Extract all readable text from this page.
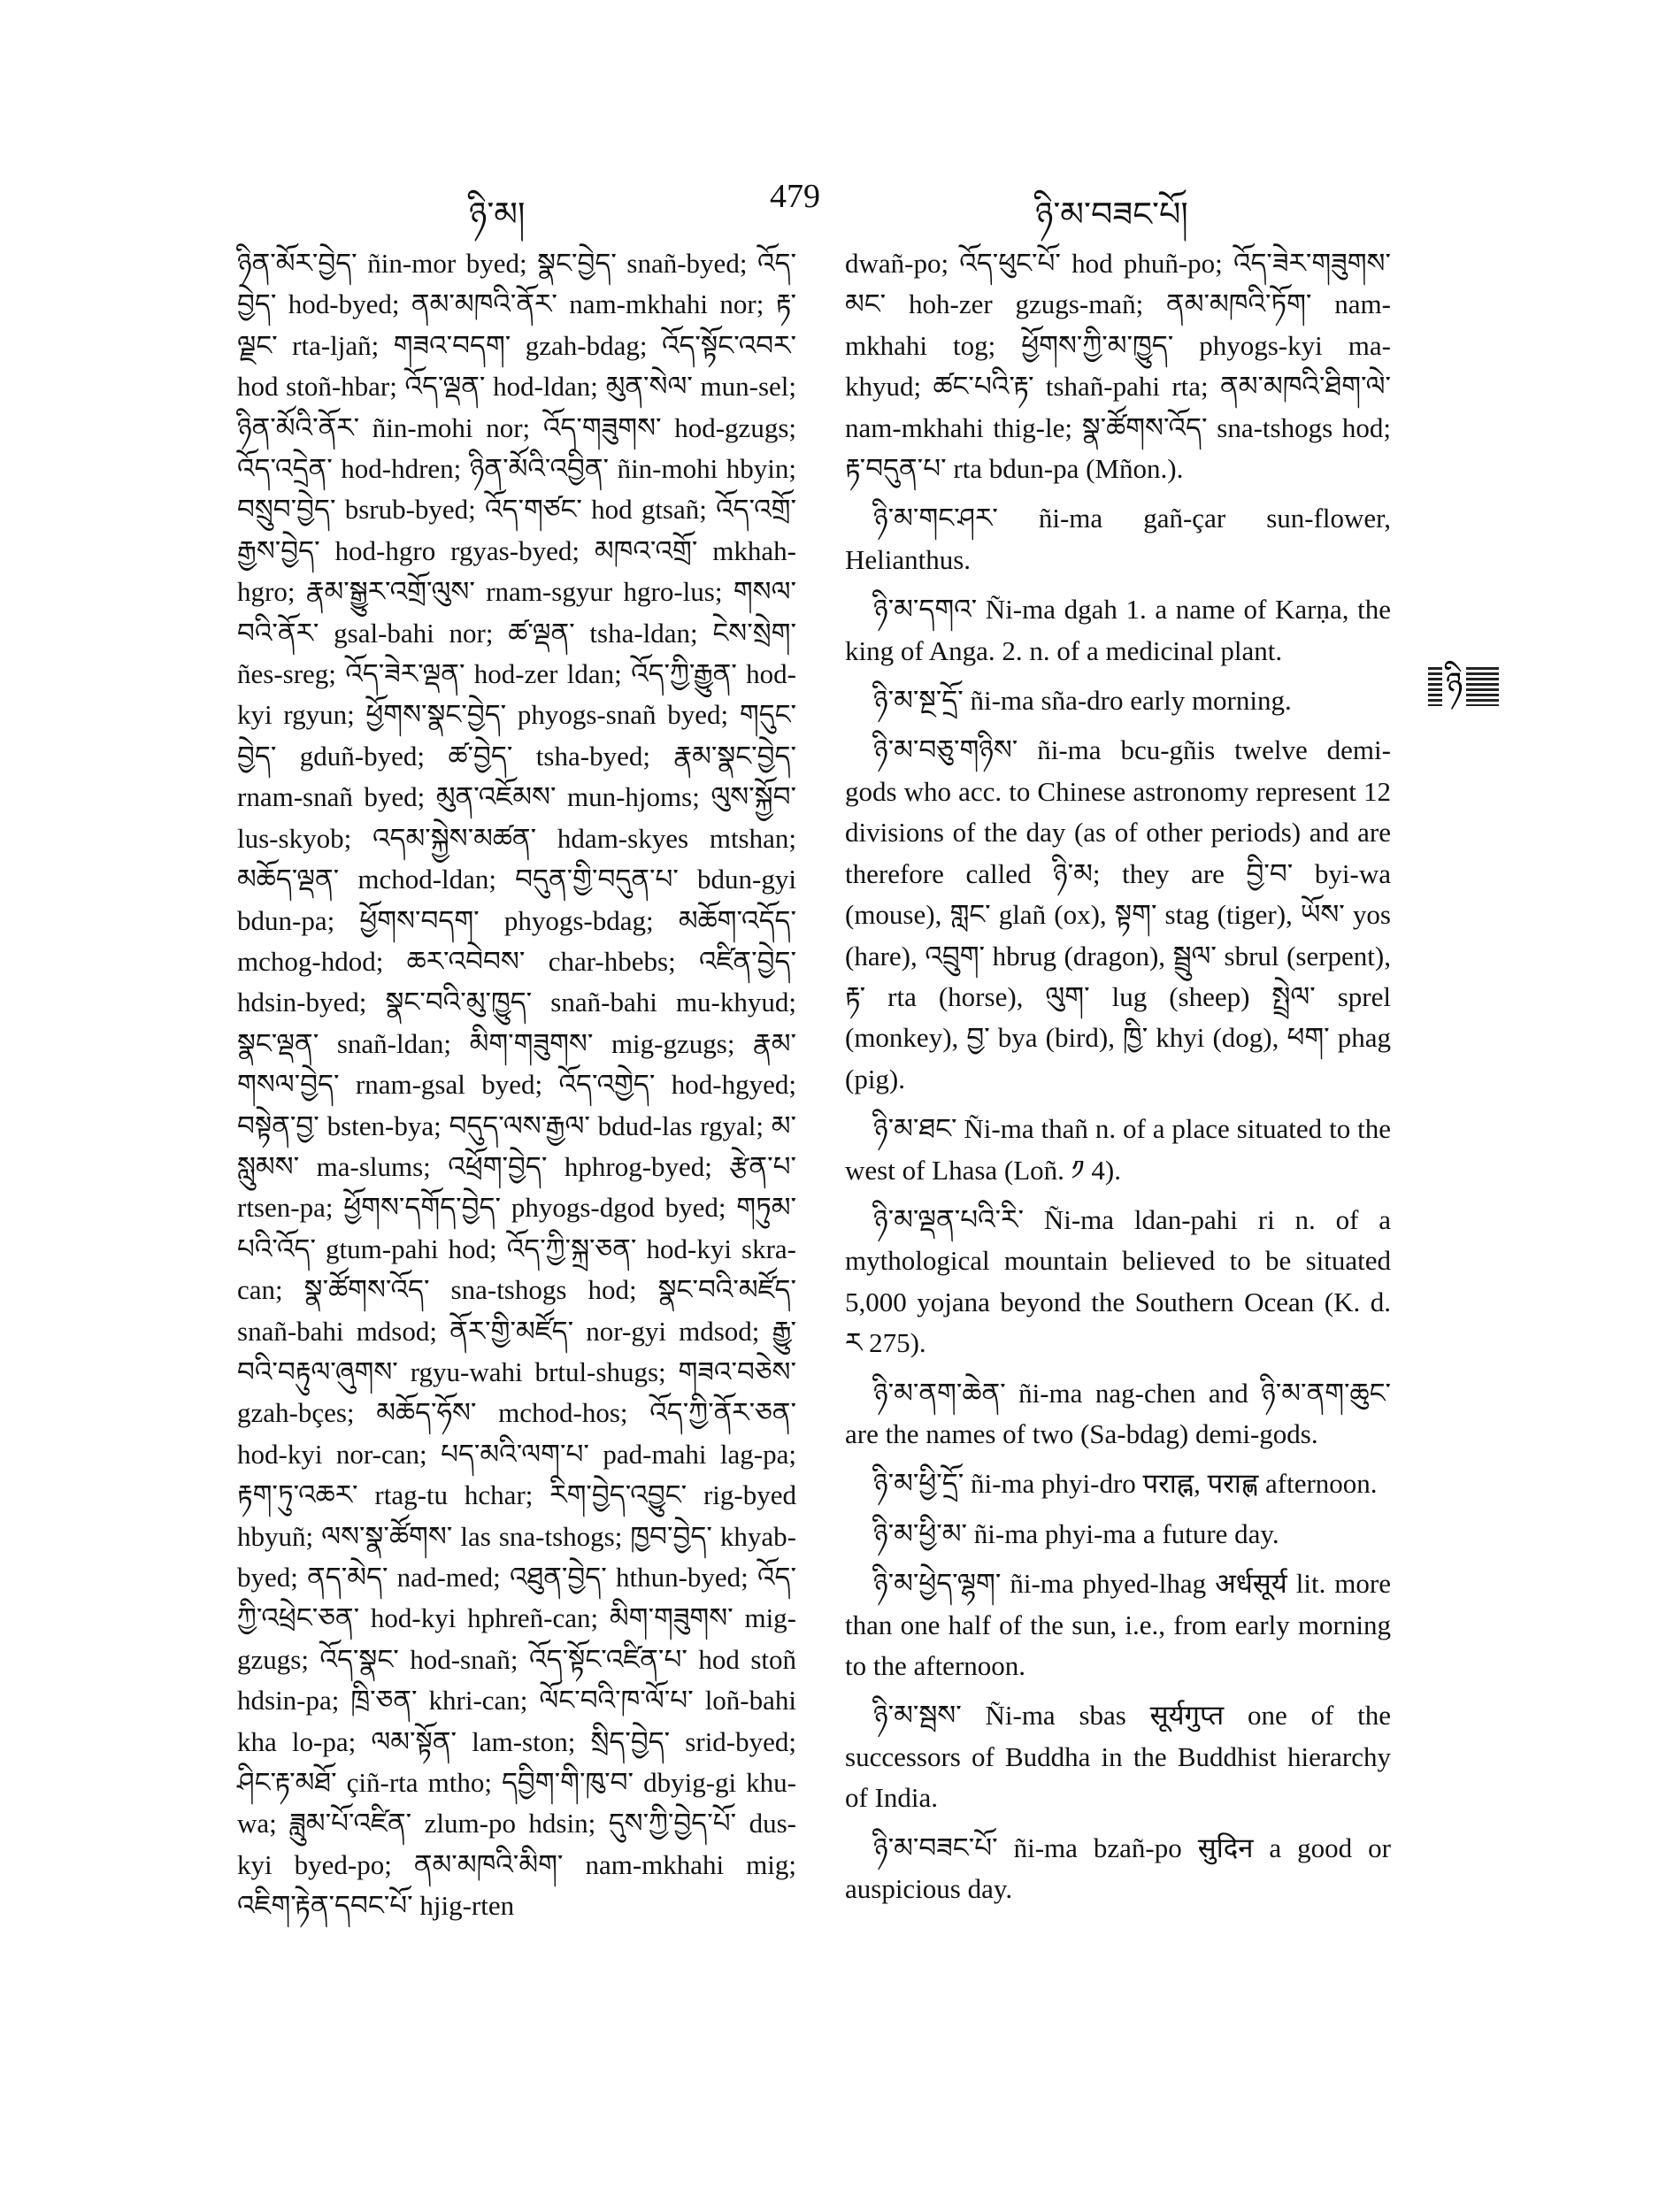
ཉི་མ།	479	ཉི་མ་བཟང་པོ།
ཉི

ཉིན་མོར་བྱེད་ ñin-mor byed; སྣང་བྱེད་ snañ-byed; འོད་བྱེད་ hod-byed; ནམ་མཁའི་ནོར་ nam-mkhahi nor; རྟ་ལྗང་ rta-ljañ; གཟའ་བདག་ gzah-bdag; འོད་སྟོང་འབར་ hod stoñ-hbar; འོད་ལྡན་ hod-ldan; མུན་སེལ་ mun-sel; ཉིན་མོའི་ནོར་ ñin-mohi nor; འོད་གཟུགས་ hod-gzugs; འོད་འདྲེན་ hod-hdren; ཉིན་མོའི་འབྱིན་ ñin-mohi hbyin; བསྲུབ་བྱེད་ bsrub-byed; འོད་གཙང་ hod gtsañ; འོད་འགྲོ་རྒྱས་བྱེད་ hod-hgro rgyas-byed; མཁའ་འགྲོ་ mkhah-hgro; རྣམ་སྒྱུར་འགྲོ་ལུས་ rnam-sgyur hgro-lus; གསལ་བའི་ནོར་ gsal-bahi nor; ཚ་ལྡན་ tsha-ldan; ངེས་སྲེག་ ñes-sreg; འོད་ཟེར་ལྡན་ hod-zer ldan; འོད་ཀྱི་རྒྱུན་ hod-kyi rgyun; ཕྱོགས་སྣང་བྱེད་ phyogs-snañ byed; གདུང་བྱེད་ gduñ-byed; ཚ་བྱེད་ tsha-byed; རྣམ་སྣང་བྱེད་ rnam-snañ byed; མུན་འཇོམས་ mun-hjoms; ལུས་སྐྱོབ་ lus-skyob; འདམ་སྐྱེས་མཚན་ hdam-skyes mtshan; མཆོད་ལྡན་ mchod-ldan; བདུན་གྱི་བདུན་པ་ bdun-gyi bdun-pa; ཕྱོགས་བདག་ phyogs-bdag; མཆོག་འདོད་ mchog-hdod; ཆར་འབེབས་ char-hbebs; འཛིན་བྱེད་ hdsin-byed; སྣང་བའི་མུ་ཁྱུད་ snañ-bahi mu-khyud; སྣང་ལྡན་ snañ-ldan; མིག་གཟུགས་ mig-gzugs; རྣམ་གསལ་བྱེད་ rnam-gsal byed; འོད་འགྱེད་ hod-hgyed; བསྟེན་བྱ་ bsten-bya; བདུད་ལས་རྒྱལ་ bdud-las rgyal; མ་སླུམས་ ma-slums; འཕྲོག་བྱེད་ hphrog-byed; རྩེན་པ་ rtsen-pa; ཕྱོགས་དགོད་བྱེད་ phyogs-dgod byed; གཏུམ་པའི་འོད་ gtum-pahi hod; འོད་ཀྱི་སྐྲ་ཅན་ hod-kyi skra-can; སྣ་ཚོགས་འོད་ sna-tshogs hod; སྣང་བའི་མཛོད་ snañ-bahi mdsod; ནོར་གྱི་མཛོད་ nor-gyi mdsod; རྒྱུ་བའི་བརྟུལ་ཞུགས་ rgyu-wahi brtul-shugs; གཟའ་བཅེས་ gzah-bçes; མཆོད་ཧོས་ mchod-hos; འོད་ཀྱི་ནོར་ཅན་ hod-kyi nor-can; པད་མའི་ལག་པ་ pad-mahi lag-pa; རྟག་ཏུ་འཆར་ rtag-tu hchar; རིག་བྱེད་འབྱུང་ rig-byed hbyuñ; ལས་སྣ་ཚོགས་ las sna-tshogs; ཁྱབ་བྱེད་ khyab-byed; ནད་མེད་ nad-med; འཐུན་བྱེད་ hthun-byed; འོད་ཀྱི་འཕྲེང་ཅན་ hod-kyi hphreñ-can; མིག་གཟུགས་ mig-gzugs; འོད་སྣང་ hod-snañ; འོད་སྟོང་འཛིན་པ་ hod stoñ hdsin-pa; ཁྲི་ཅན་ khri-can; ལོང་བའི་ཁ་ལོ་པ་ loñ-bahi kha lo-pa; ལམ་སྟོན་ lam-ston; སྲིད་བྱེད་ srid-byed; ཤིང་རྟ་མཐོ་ çiñ-rta mtho; དབྱིག་གི་ཁུ་བ་ dbyig-gi khu-wa; ཟླུམ་པོ་འཛིན་ zlum-po hdsin; དུས་ཀྱི་བྱེད་པོ་ dus-kyi byed-po; ནམ་མཁའི་མིག་ nam-mkhahi mig; འཇིག་རྟེན་དབང་པོ་ hjig-rten

dwañ-po; འོད་ཕུང་པོ་ hod phuñ-po; འོད་ཟེར་གཟུགས་མང་ hoh-zer gzugs-mañ; ནམ་མཁའི་ཏོག་ nam-mkhahi tog; ཕྱོགས་ཀྱི་མ་ཁྱུད་ phyogs-kyi ma-khyud; ཚང་པའི་རྟ་ tshañ-pahi rta; ནམ་མཁའི་ཐིག་ལེ་ nam-mkhahi thig-le; སྣ་ཚོགས་འོད་ sna-tshogs hod; རྟ་བདུན་པ་ rta bdun-pa (Mñon.).

ཉི་མ་གང་ཤར་ ñi-ma gañ-çar sun-flower, Helianthus.

ཉི་མ་དགའ་ Ñi-ma dgah 1. a name of Karṇa, the king of Anga. 2. n. of a medicinal plant.

ཉི་མ་སྔ་དྲོ་ ñi-ma sña-dro early morning.

ཉི་མ་བཅུ་གཉིས་ ñi-ma bcu-gñis twelve demi-gods who acc. to Chinese astronomy represent 12 divisions of the day (as of other periods) and are therefore called ཉི་མ; they are བྱི་བ་ byi-wa (mouse), གླང་ glañ (ox), སྟག་ stag (tiger), ཡོས་ yos (hare), འབྲུག་ hbrug (dragon), སྦྲུལ་ sbrul (serpent), རྟ་ rta (horse), ལུག་ lug (sheep) སྤྲེལ་ sprel (monkey), བྱ་ bya (bird), ཁྱི་ khyi (dog), ཕག་ phag (pig).

ཉི་མ་ཐང་ Ñi-ma thañ n. of a place situated to the west of Lhasa (Loñ. ༡ 4).

ཉི་མ་ལྡན་པའི་རི་ Ñi-ma ldan-pahi ri n. of a mythological mountain believed to be situated 5,000 yojana beyond the Southern Ocean (K. d. ར 275).

ཉི་མ་ནག་ཆེན་ ñi-ma nag-chen and ཉི་མ་ནག་ཆུང་ are the names of two (Sa-bdag) demi-gods.

ཉི་མ་ཕྱི་དྲོ་ ñi-ma phyi-dro पराह्न, पराह्ण afternoon.

ཉི་མ་ཕྱི་མ་ ñi-ma phyi-ma a future day.

ཉི་མ་ཕྱེད་ལྷག་ ñi-ma phyed-lhag अर्धसूर्य lit. more than one half of the sun, i.e., from early morning to the afternoon.

ཉི་མ་སྦས་ Ñi-ma sbas सूर्यगुप्त one of the successors of Buddha in the Buddhist hierarchy of India.

ཉི་མ་བཟང་པོ་ ñi-ma bzañ-po सुदिन a good or auspicious day.
